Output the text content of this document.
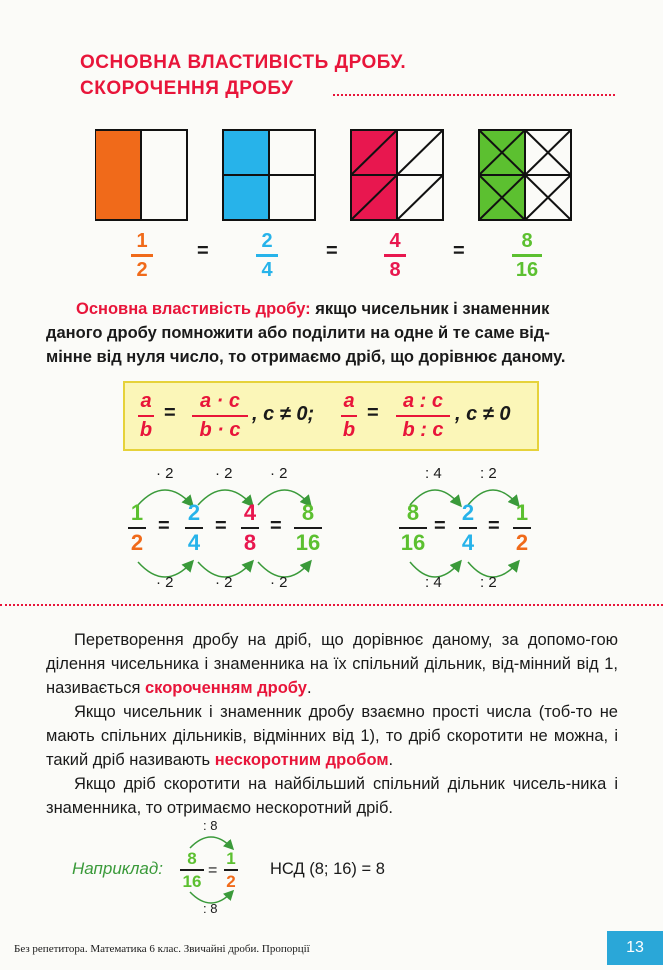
ОСНОВНА ВЛАСТИВІСТЬ ДРОБУ.
СКОРОЧЕННЯ ДРОБУ
1
2
=	2
4
=	4
8
=	8
16
Основна властивість дробу: якщо чисельник і знаменник
даного дробу помножити або поділити на одне й те саме від-
мінне від нуля число, то отримаємо дріб, що дорівнює даному.
a
b
=
a · c
b · c
, c ≠ 0;
a
b
=
a : c
b : c
, c ≠ 0
· 2	· 2 · 2
1
2
=
2
4
=
4
8
=
8
16
· 2	· 2 · 2
: 4	: 2
8
16
=
2
4
=
1
2
: 4	: 2
Перетворення дробу на дріб, що дорівнює даному, за допомо-гою ділення чисельника і знаменника на їх спільний дільник, від-мінний від 1, називається скороченням дробу.
Якщо чисельник і знаменник дробу взаємно прості числа (тоб-то не мають спільних дільників, відмінних від 1), то дріб скоротити не можна, і такий дріб називають нескоротним дробом.
Якщо дріб скоротити на найбільший спільний дільник чисель-ника і знаменника, то отримаємо нескоротний дріб.
Наприклад:
: 8
8
16
=
1
2
: 8
НСД (8; 16) = 8
Без репетитора. Математика 6 клас. Звичайні дроби. Пропорції	13
